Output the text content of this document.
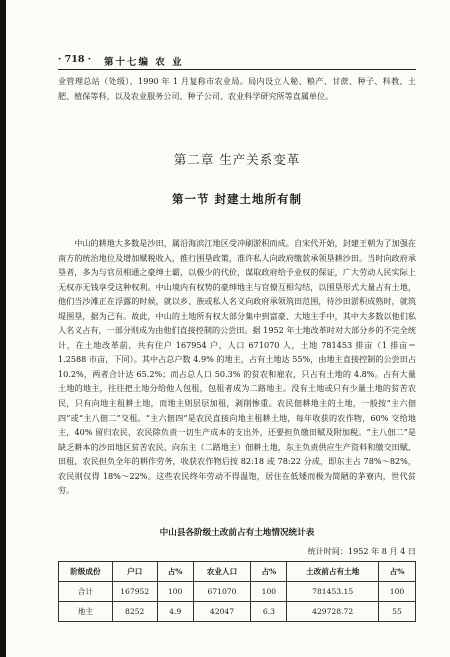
· 718 · 第十七编 农 业

业管理总站（处级），1990 年 1 月复称市农业局。局内设立人秘、粮产、甘蔗、种子、科教、土肥、植保等科，以及农业服务公司、种子公司、农业科学研究所等直属单位。

第二章 生产关系变革
第一节 封建土地所有制

中山的耕地大多数是沙田，属沿海滨江地区受冲刷淤积而成。自宋代开始，封建王朝为了加强在南方的统治地位及增加赋税收入，推行围垦政策，准许私人向政府缴款承领垦耕沙田。当时向政府承垦者，多为与官员相通之豪绅土霸，以极少的代价，谋取政府给予业权的保证，广大劳动人民实际上无权亦无钱享受这种权利。中山境内有权势的豪绅地主与官僚互相勾结，以围垦形式大量占有土地，他们当沙滩正在浮露的时候，就以乡、族或私人名义向政府承领筑田范围，待沙田淤积成熟时，就筑堤围垦，据为己有。故此，中山的土地所有权大部分集中到富豪、大地主手中，其中大多数以他们私人名义占有，一部分则成为由他们直接控制的公尝田。据 1952 年土地改革时对大部分乡的不完全统计，在土地改革前，共有住户 167954 户，人口 671070 人，土地 781453 排亩（1 排亩＝1.2588 市亩，下同）。其中占总户数 4.9% 的地主，占有土地达 55%，由地主直接控制的公尝田占 10.2%，两者合计达 65.2%；而占总人口 50.3% 的贫农和雇农，只占有土地的 4.8%。占有大量土地的地主，往往把土地分给他人包租，包租者成为二路地主。没有土地或只有少量土地的贫苦农民，只有向地主租耕土地，而地主则层层加租，剥削惨重。农民佃耕地主的土地，一般按“主六佃四”或“主八佃二”交租。“主六佃四”是农民直接向地主租耕土地，每年收获的农作物，60% 交给地主，40% 留归农民，农民除负责一切生产成本的支出外，还要担负缴田赋及附加税。“主八佃二”是缺乏耕本的沙田地区贫苦农民，向东主（二路地主）佃耕土地，东主负责供应生产资料和缴交田赋、田租，农民担负全年的耕作劳务，收获农作物后按 82:18 或 78:22 分成，即东主占 78%～82%，农民则仅得 18%～22%。这些农民终年劳动不得温饱，居住在低矮而极为简陋的茅寮内，世代贫穷。

中山县各阶级土改前占有土地情况统计表
统计时间：1952 年 8 月 4 日
阶级成份	户口	占%	农业人口	占%	土改前占有土地	占%
合计	167952	100	671070	100	781453.15	100
地主	8252	4.9	42047	6.3	429728.72	55
